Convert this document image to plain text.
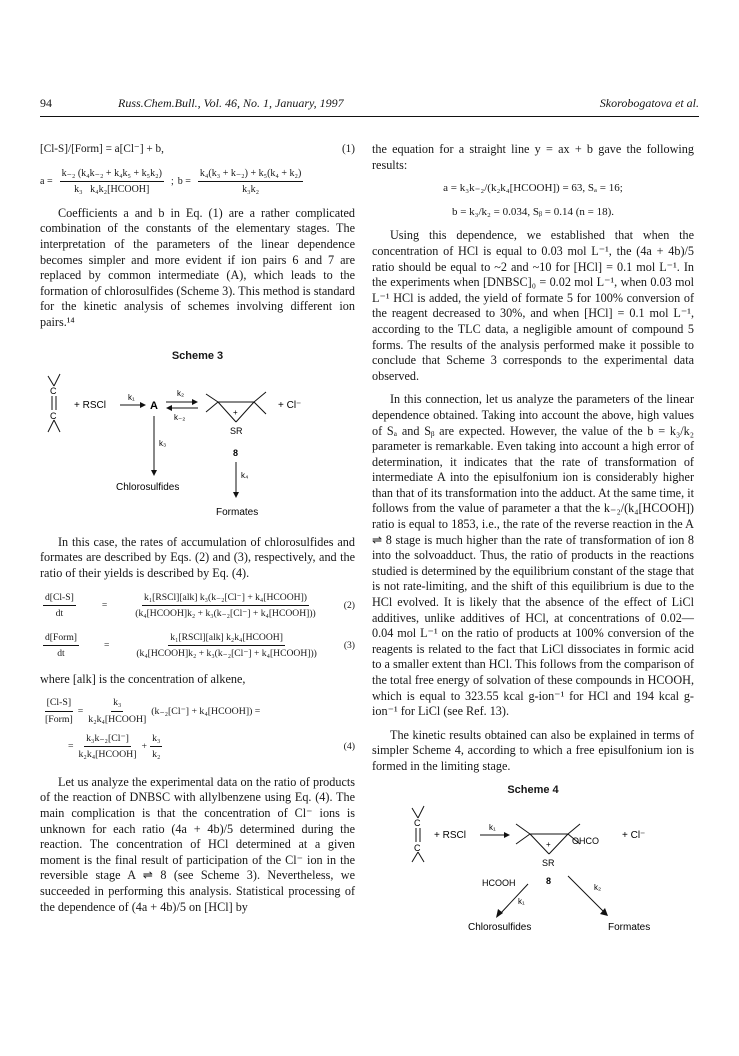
94	Russ.Chem.Bull., Vol. 46, No. 1, January, 1997	Skorobogatova et al.
[Cl-S]/[Form] = a[Cl⁻] + b,	(1)
$a = \frac{\text{k₋₂ (k₄k₋₂ + k₄k₅ + k₅k₂)}}{\text{k₃ k₄k₂[HCOOH]}}$ ; $b = \frac{\text{k₄(k₃ + k₋₂) + k₅(k₄ + k₂)}}{\text{k₃k₂}}$

Coefficients a and b in Eq. (1) are a rather complicated combination of the constants of the elementary stages. The interpretation of the parameters of the linear dependence becomes simpler and more evident if ion pairs 6 and 7 are replaced by common intermediate (A), which leads to the formation of chlorosulfides (Scheme 3). This method is standard for the kinetic analysis of schemes involving different ion pairs.¹⁴

Scheme 3
C
C
+ RSCl
k₁
A
k₂
k₋₂
+
SR
8
+ Cl⁻
k₃
Chlorosulfides
k₄
Formates

In this case, the rates of accumulation of chlorosulfides and formates are described by Eqs. (2) and (3), respectively, and the ratio of their yields is described by Eq. (4).

$\frac{d[Cl-S]}{dt}$	=	$\frac{\text{k₁[RSCl][alk] k₃(k₋₂[Cl⁻] + k₄[HCOOH])}}{\text{(k₄[HCOOH]k₂ + k₃(k₋₂[Cl⁻] + k₄[HCOOH]))}}$	(2)
$\frac{\text{d[Form]}}{dt}$	=	$\frac{\text{k₁[RSCl][alk] k₂k₄[HCOOH]}}{\text{(k₄[HCOOH]k₂ + k₃(k₋₂[Cl⁻] + k₄[HCOOH]))}}$	(3)

where [alk] is the concentration of alkene,

$\frac{[Cl-S]}{\text{[Form]}} = \frac{\text{k₃}}{\text{k₂k₄[HCOOH]}} (k_{-2}[Cl^-]$ + k₄[HCOOH]) =
= $\frac{\text{k₃k₋₂[Cl⁻]}}{\text{k₂k₄[HCOOH]}} + \frac{\text{k₃}}{\text{k₂}}$	(4)

Let us analyze the experimental data on the ratio of products of the reaction of DNBSC with allylbenzene using Eq. (4). The main complication is that the concentration of Cl⁻ ions is unknown for each ratio (4a + 4b)/5 determined during the reaction. The concentration of HCl determined at a given moment is the final result of participation of the Cl⁻ ion in the reversible stage A ⇌ 8 (see Scheme 3). Nevertheless, we succeeded in performing this analysis. Statistical processing of the dependence of (4a + 4b)/5 on [HCl] by

the equation for a straight line y = ax + b gave the following results:

a = k₃k₋₂/(k₂k₄[HCOOH]) = 63, Sₐ = 16;
b = k₃/k₂ = 0.034, Sᵦ = 0.14 (n = 18).

Using this dependence, we established that when the concentration of HCl is equal to 0.03 mol L⁻¹, the (4a + 4b)/5 ratio should be equal to ~2 and ~10 for [HCl] = 0.1 mol L⁻¹. In the experiments when [DNBSC]₀ = 0.02 mol L⁻¹, when 0.03 mol L⁻¹ HCl is added, the yield of formate 5 for 100% conversion of the reagent decreased to 30%, and when [HCl] = 0.1 mol L⁻¹, according to the TLC data, a negligible amount of compound 5 forms. The results of the analysis performed make it possible to conclude that Scheme 3 corresponds to the experimental data observed.

In this connection, let us analyze the parameters of the linear dependence obtained. Taking into account the above, high values of Sₐ and Sᵦ are expected. However, the value of the b = k₃/k₂ parameter is remarkable. Even taking into account a high error of determination, it indicates that the rate of transformation of intermediate A into the episulfonium ion is considerably higher than that of its transformation into the adduct. At the same time, it follows from the value of parameter a that the k₋₂/(k₄[HCOOH]) ratio is equal to 1853, i.e., the rate of the reverse reaction in the A ⇌ 8 stage is much higher than the rate of transformation of ion 8 into the solvoadduct. Thus, the ratio of products in the reactions studied is determined by the equilibrium constant of the stage that is not rate-limiting, and the shift of this equilibrium is due to the HCl evolved. It is likely that the absence of the effect of LiCl additives, unlike additives of HCl, at concentrations of 0.02—0.04 mol L⁻¹ on the ratio of products at 100% conversion of the reagents is related to the fact that LiCl dissociates in formic acid to a smaller extent than HCl. This follows from the comparison of the total free energy of solvation of these compounds in HCOOH, which is equal to 323.55 kcal g-ion⁻¹ for HCl and 194 kcal g-ion⁻¹ for LiCl (see Ref. 13).

The kinetic results obtained can also be explained in terms of simpler Scheme 4, according to which a free episulfonium ion is formed in the limiting stage.

Scheme 4
C
C
+ RSCl
k₁
+ OHCO + Cl⁻
SR
8
HCOOH
k₁
k₂
Chlorosulfides	Formates
